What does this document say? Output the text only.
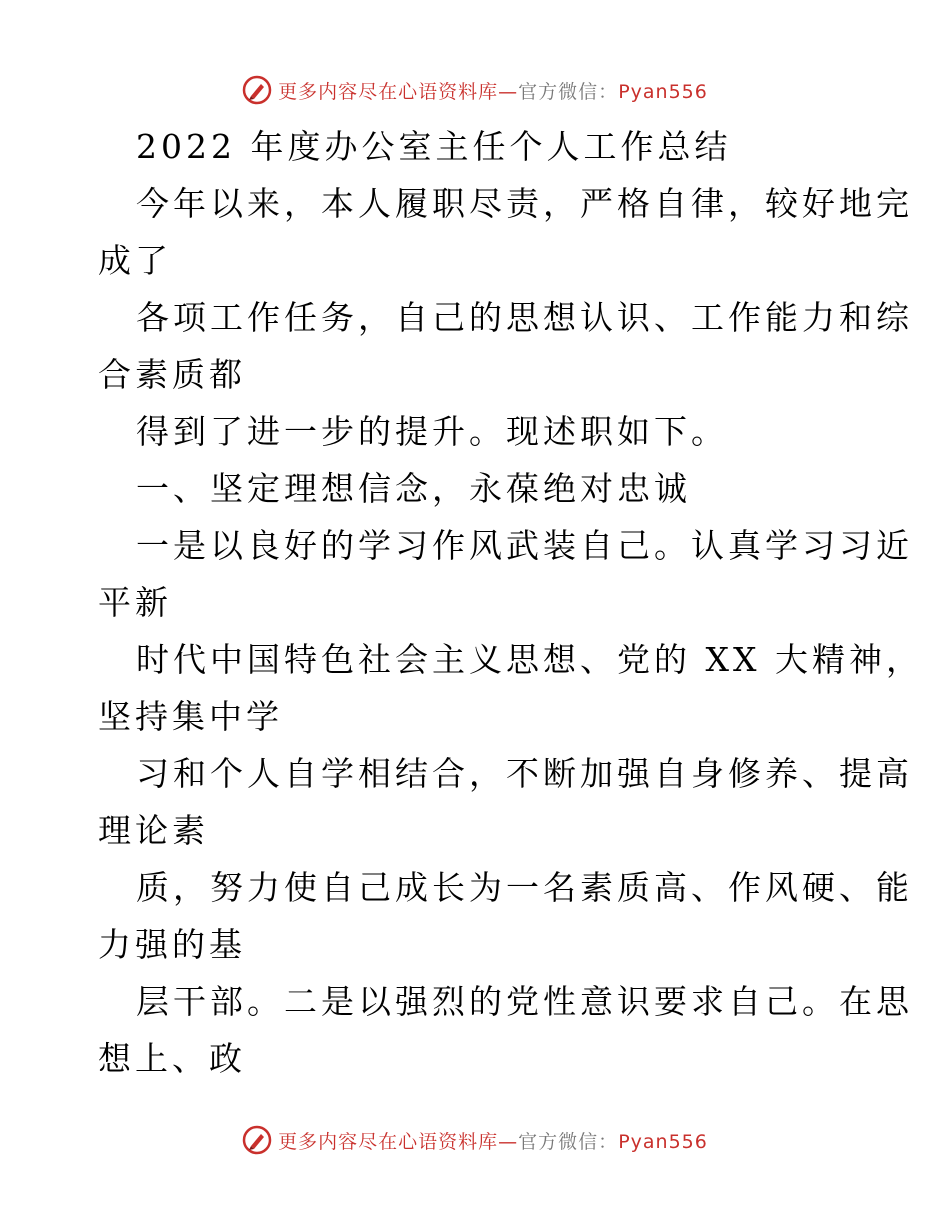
更多内容尽在心语资料库—官方微信：Pyan556

2022 年度办公室主任个人工作总结

今年以来，本人履职尽责，严格自律，较好地完

成了

各项工作任务，自己的思想认识、工作能力和综

合素质都

得到了进一步的提升。现述职如下。

一、坚定理想信念，永葆绝对忠诚

一是以良好的学习作风武装自己。认真学习习近

平新

时代中国特色社会主义思想、党的 XX 大精神，

坚持集中学

习和个人自学相结合，不断加强自身修养、提高

理论素

质，努力使自己成长为一名素质高、作风硬、能

力强的基

层干部。二是以强烈的党性意识要求自己。在思

想上、政

更多内容尽在心语资料库—官方微信：Pyan556
